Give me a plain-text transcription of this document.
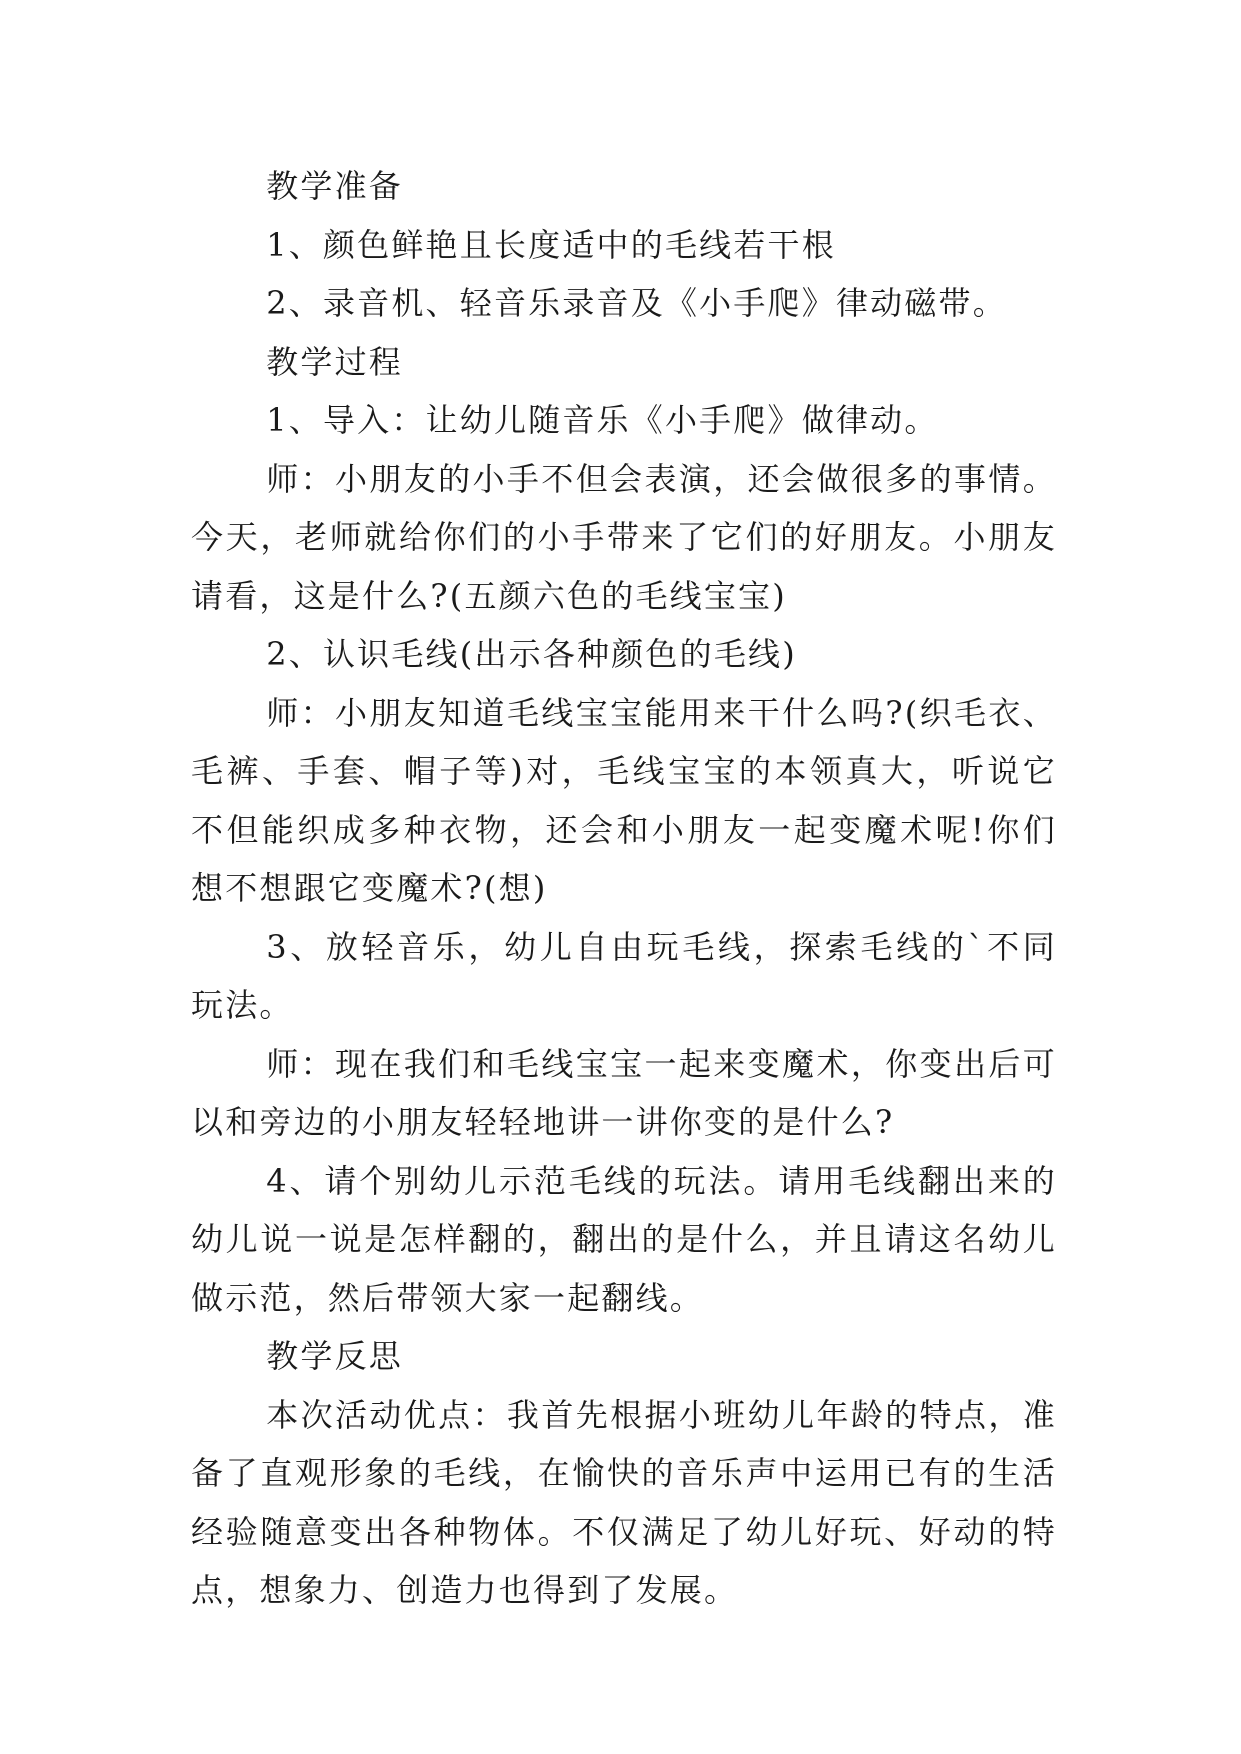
教学准备

1、颜色鲜艳且长度适中的毛线若干根

2、录音机、轻音乐录音及《小手爬》律动磁带。

教学过程

1、导入：让幼儿随音乐《小手爬》做律动。

师：小朋友的小手不但会表演，还会做很多的事情。今天，老师就给你们的小手带来了它们的好朋友。小朋友请看，这是什么?(五颜六色的毛线宝宝)

2、认识毛线(出示各种颜色的毛线)

师：小朋友知道毛线宝宝能用来干什么吗?(织毛衣、毛裤、手套、帽子等)对，毛线宝宝的本领真大，听说它不但能织成多种衣物，还会和小朋友一起变魔术呢!你们想不想跟它变魔术?(想)

3、放轻音乐，幼儿自由玩毛线，探索毛线的`不同玩法。

师：现在我们和毛线宝宝一起来变魔术，你变出后可以和旁边的小朋友轻轻地讲一讲你变的是什么?

4、请个别幼儿示范毛线的玩法。请用毛线翻出来的幼儿说一说是怎样翻的，翻出的是什么，并且请这名幼儿做示范，然后带领大家一起翻线。

教学反思

本次活动优点：我首先根据小班幼儿年龄的特点，准备了直观形象的毛线，在愉快的音乐声中运用已有的生活经验随意变出各种物体。不仅满足了幼儿好玩、好动的特点，想象力、创造力也得到了发展。
